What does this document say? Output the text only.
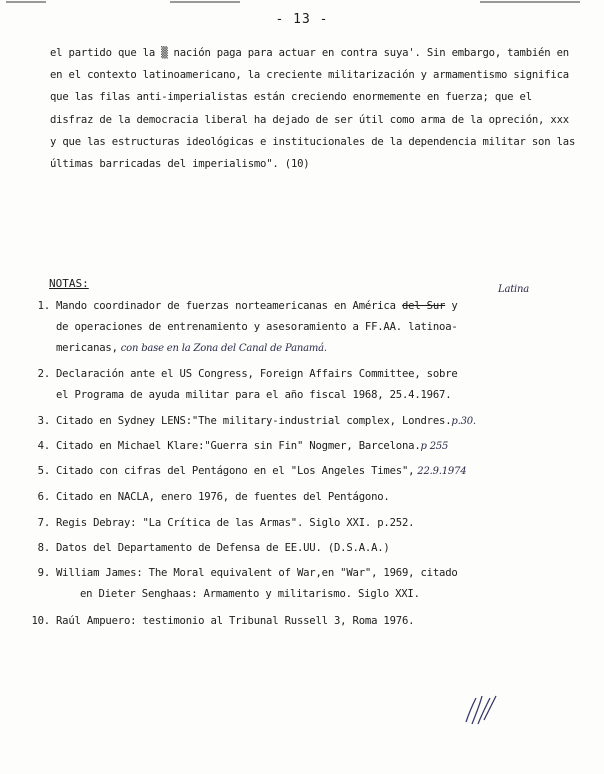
- 13 -
el partido que la ▒ nación paga para actuar en contra suya'. Sin embargo, también en
en el contexto latinoamericano, la creciente militarización y armamentismo significa
que las filas anti-imperialistas están creciendo enormemente en fuerza; que el
disfraz de la democracia liberal ha dejado de ser útil como arma de la opreción, xxx
y que las estructuras ideológicas e institucionales de la dependencia militar son las
últimas barricadas del imperialismo". (10)
NOTAS:	Latina
1. Mando coordinador de fuerzas norteamericanas en América del Sur y
de operaciones de entrenamiento y asesoramiento a FF.AA. latinoa-
mericanas, con base en la Zona del Canal de Panamá.
2. Declaración ante el US Congress, Foreign Affairs Committee, sobre
el Programa de ayuda militar para el año fiscal 1968, 25.4.1967.
3. Citado en Sydney LENS:"The military-industrial complex, Londres.p.30.
4. Citado en Michael Klare:"Guerra sin Fin" Nogmer, Barcelona.p 255
5. Citado con cifras del Pentágono en el "Los Angeles Times", 22.9.1974
6. Citado en NACLA, enero 1976, de fuentes del Pentágono.
7. Regis Debray: "La Crítica de las Armas". Siglo XXI. p.252.
8. Datos del Departamento de Defensa de EE.UU. (D.S.A.A.)
9. William James: The Moral equivalent of War,en "War", 1969, citado
en Dieter Senghaas: Armamento y militarismo. Siglo XXI.
10. Raúl Ampuero: testimonio al Tribunal Russell 3, Roma 1976.
